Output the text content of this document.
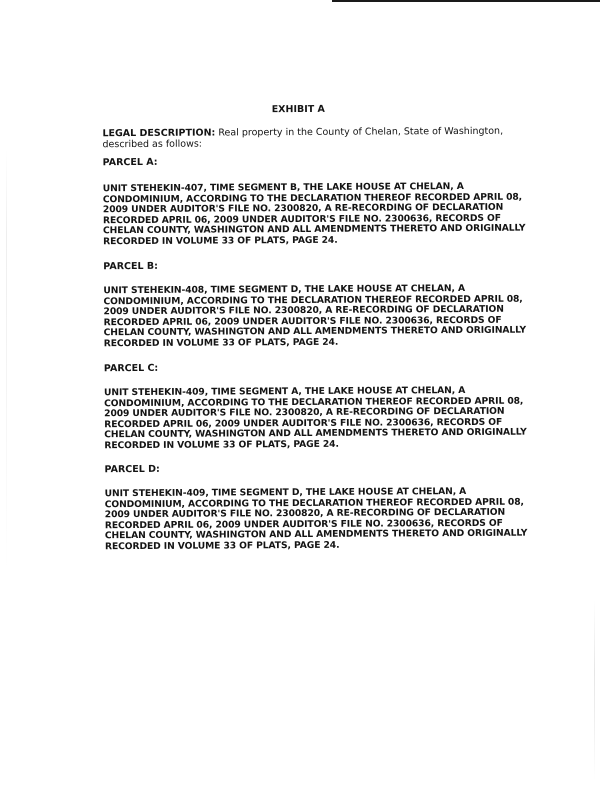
EXHIBIT A
LEGAL DESCRIPTION: Real property in the County of Chelan, State of Washington, described as follows:
PARCEL A:
UNIT STEHEKIN-407, TIME SEGMENT B, THE LAKE HOUSE AT CHELAN, A
CONDOMINIUM, ACCORDING TO THE DECLARATION THEREOF RECORDED APRIL 08,
2009 UNDER AUDITOR'S FILE NO. 2300820, A RE-RECORDING OF DECLARATION
RECORDED APRIL 06, 2009 UNDER AUDITOR'S FILE NO. 2300636, RECORDS OF
CHELAN COUNTY, WASHINGTON AND ALL AMENDMENTS THERETO AND ORIGINALLY
RECORDED IN VOLUME 33 OF PLATS, PAGE 24.
PARCEL B:
UNIT STEHEKIN-408, TIME SEGMENT D, THE LAKE HOUSE AT CHELAN, A
CONDOMINIUM, ACCORDING TO THE DECLARATION THEREOF RECORDED APRIL 08,
2009 UNDER AUDITOR'S FILE NO. 2300820, A RE-RECORDING OF DECLARATION
RECORDED APRIL 06, 2009 UNDER AUDITOR'S FILE NO. 2300636, RECORDS OF
CHELAN COUNTY, WASHINGTON AND ALL AMENDMENTS THERETO AND ORIGINALLY
RECORDED IN VOLUME 33 OF PLATS, PAGE 24.
PARCEL C:
UNIT STEHEKIN-409, TIME SEGMENT A, THE LAKE HOUSE AT CHELAN, A
CONDOMINIUM, ACCORDING TO THE DECLARATION THEREOF RECORDED APRIL 08,
2009 UNDER AUDITOR'S FILE NO. 2300820, A RE-RECORDING OF DECLARATION
RECORDED APRIL 06, 2009 UNDER AUDITOR'S FILE NO. 2300636, RECORDS OF
CHELAN COUNTY, WASHINGTON AND ALL AMENDMENTS THERETO AND ORIGINALLY
RECORDED IN VOLUME 33 OF PLATS, PAGE 24.
PARCEL D:
UNIT STEHEKIN-409, TIME SEGMENT D, THE LAKE HOUSE AT CHELAN, A
CONDOMINIUM, ACCORDING TO THE DECLARATION THEREOF RECORDED APRIL 08,
2009 UNDER AUDITOR'S FILE NO. 2300820, A RE-RECORDING OF DECLARATION
RECORDED APRIL 06, 2009 UNDER AUDITOR'S FILE NO. 2300636, RECORDS OF
CHELAN COUNTY, WASHINGTON AND ALL AMENDMENTS THERETO AND ORIGINALLY
RECORDED IN VOLUME 33 OF PLATS, PAGE 24.
